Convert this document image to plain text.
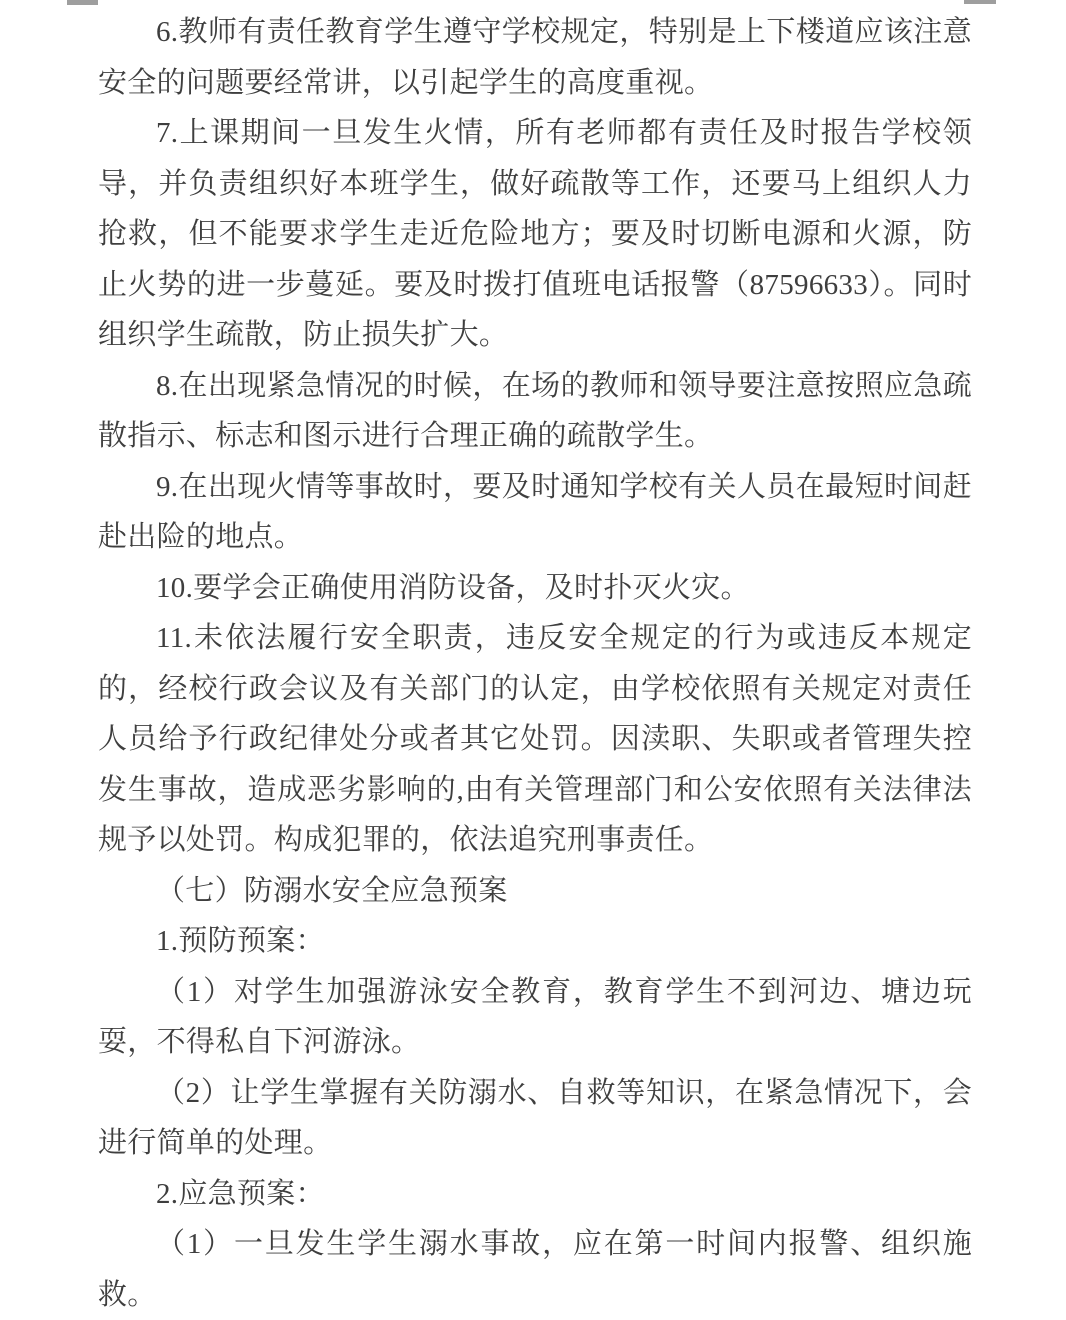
6.教师有责任教育学生遵守学校规定，特别是上下楼道应该注意安全的问题要经常讲，以引起学生的高度重视。

7.上课期间一旦发生火情，所有老师都有责任及时报告学校领导，并负责组织好本班学生，做好疏散等工作，还要马上组织人力抢救，但不能要求学生走近危险地方；要及时切断电源和火源，防止火势的进一步蔓延。要及时拨打值班电话报警（87596633）。同时组织学生疏散，防止损失扩大。

8.在出现紧急情况的时候，在场的教师和领导要注意按照应急疏散指示、标志和图示进行合理正确的疏散学生。

9.在出现火情等事故时，要及时通知学校有关人员在最短时间赶赴出险的地点。

10.要学会正确使用消防设备，及时扑灭火灾。

11.未依法履行安全职责，违反安全规定的行为或违反本规定的，经校行政会议及有关部门的认定，由学校依照有关规定对责任人员给予行政纪律处分或者其它处罚。因渎职、失职或者管理失控发生事故，造成恶劣影响的,由有关管理部门和公安依照有关法律法规予以处罚。构成犯罪的，依法追究刑事责任。

（七）防溺水安全应急预案

1.预防预案：

（1）对学生加强游泳安全教育，教育学生不到河边、塘边玩耍，不得私自下河游泳。

（2）让学生掌握有关防溺水、自救等知识，在紧急情况下，会进行简单的处理。

2.应急预案：

（1）一旦发生学生溺水事故，应在第一时间内报警、组织施救。
